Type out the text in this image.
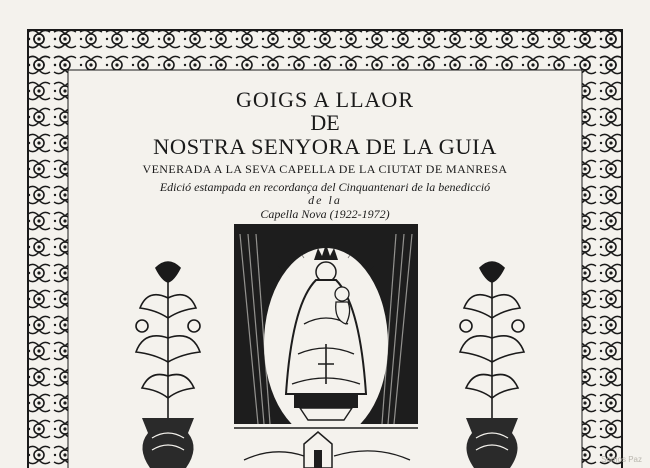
GOIGS A LLAOR
DE
NOSTRA SENYORA DE LA GUIA
VENERADA A LA SEVA CAPELLA DE LA CIUTAT DE MANRESA
Edició estampada en recordança del Cinquantenari de la benedicció
de la
Capella Nova (1922-1972)
Somos Paz
